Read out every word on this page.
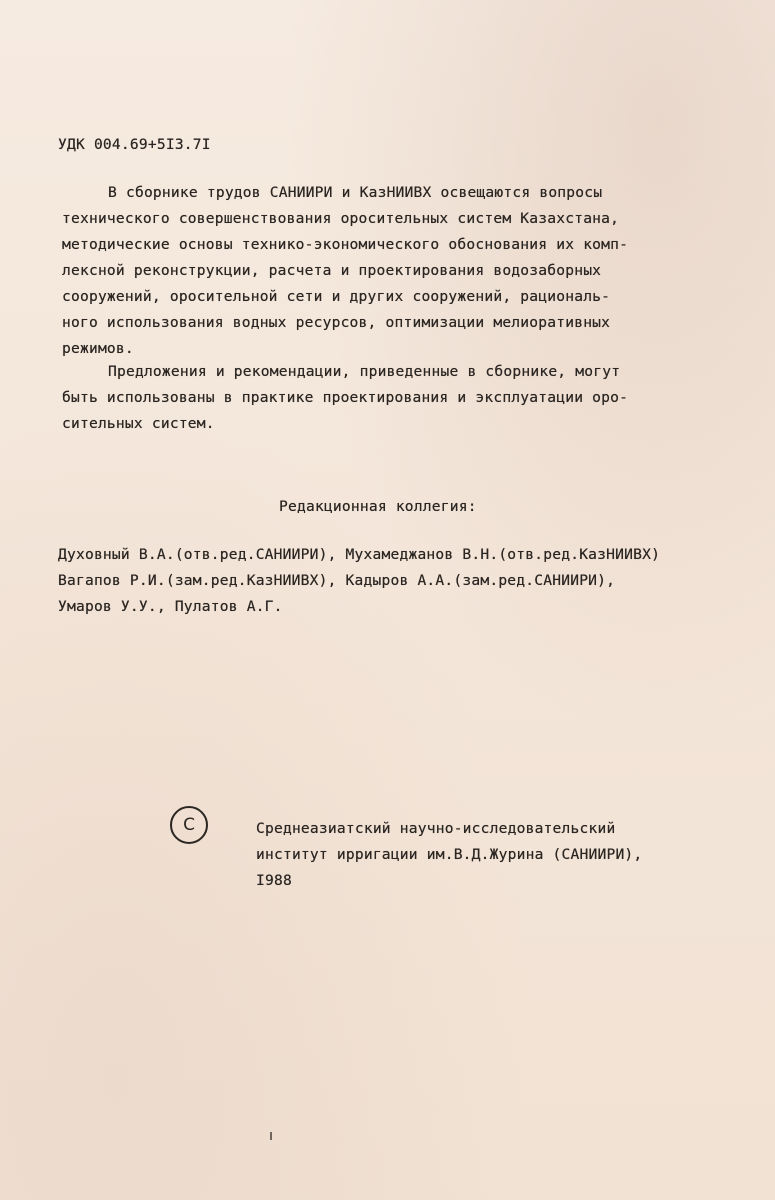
УДК 004.69+5I3.7I
В сборнике трудов САНИИРИ и КазНИИВХ освещаются вопросы
технического совершенствования оросительных систем Казахстана,
методические основы технико-экономического обоснования их комп-
лексной реконструкции, расчета и проектирования водозаборных
сооружений, оросительной сети и других сооружений, рациональ-
ного использования водных ресурсов, оптимизации мелиоративных
режимов.
Предложения и рекомендации, приведенные в сборнике, могут
быть использованы в практике проектирования и эксплуатации оро-
сительных систем.
Редакционная коллегия:
Духовный В.А.(отв.ред.САНИИРИ), Мухамеджанов В.Н.(отв.ред.КазНИИВХ)
Вагапов Р.И.(зам.ред.КазНИИВХ), Кадыров А.А.(зам.ред.САНИИРИ),
Умаров У.У., Пулатов А.Г.
C	Среднеазиатский научно-исследовательский
институт ирригации им.В.Д.Журина (САНИИРИ),
I988
